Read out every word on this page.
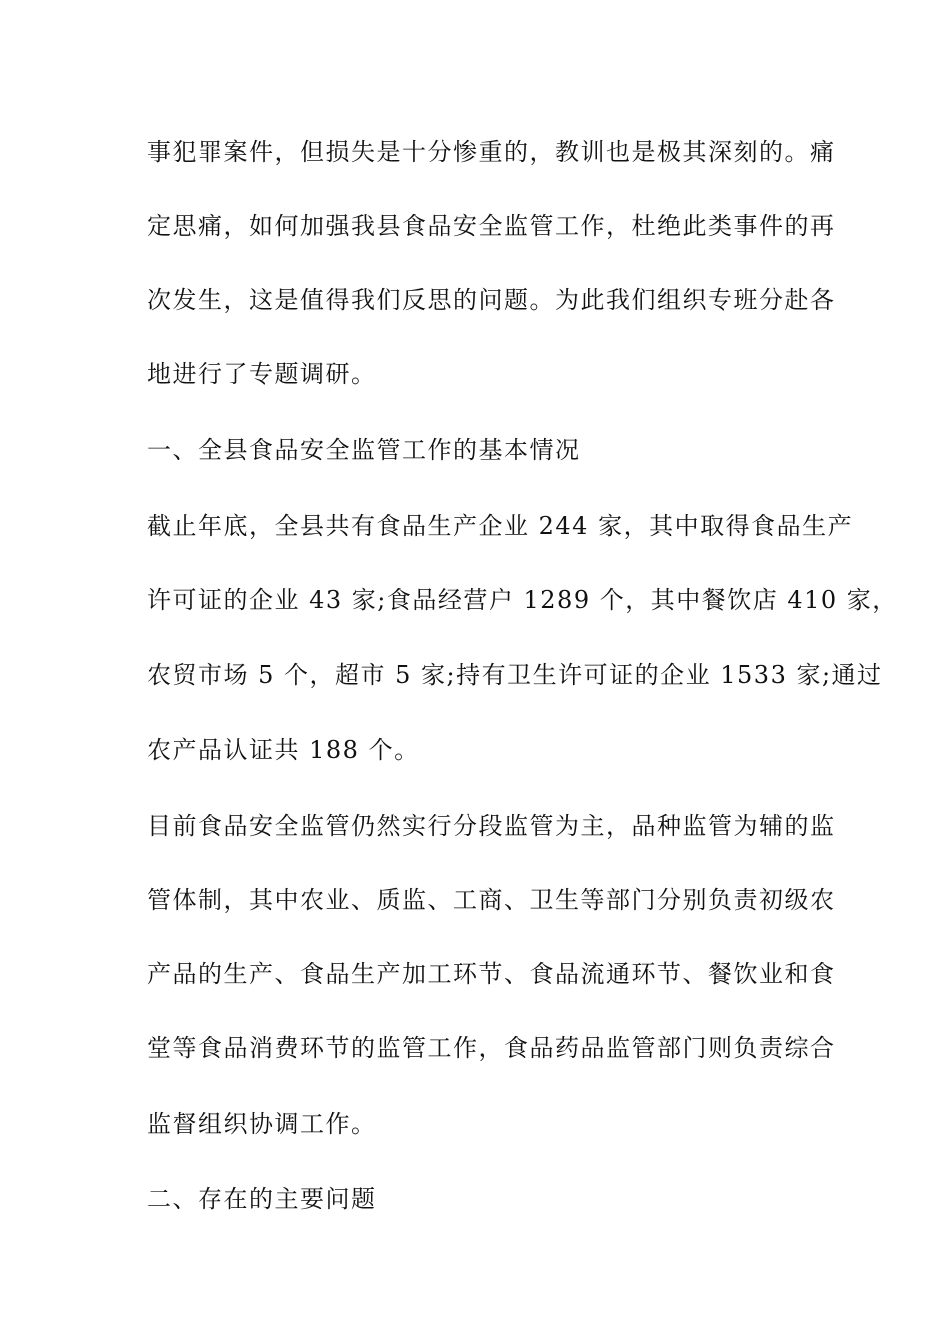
事犯罪案件，但损失是十分惨重的，教训也是极其深刻的。痛
定思痛，如何加强我县食品安全监管工作，杜绝此类事件的再
次发生，这是值得我们反思的问题。为此我们组织专班分赴各
地进行了专题调研。
一、全县食品安全监管工作的基本情况
截止年底，全县共有食品生产企业 244 家，其中取得食品生产
许可证的企业 43 家;食品经营户 1289 个，其中餐饮店 410 家，
农贸市场 5 个，超市 5 家;持有卫生许可证的企业 1533 家;通过
农产品认证共 188 个。
目前食品安全监管仍然实行分段监管为主，品种监管为辅的监
管体制，其中农业、质监、工商、卫生等部门分别负责初级农
产品的生产、食品生产加工环节、食品流通环节、餐饮业和食
堂等食品消费环节的监管工作，食品药品监管部门则负责综合
监督组织协调工作。
二、存在的主要问题
